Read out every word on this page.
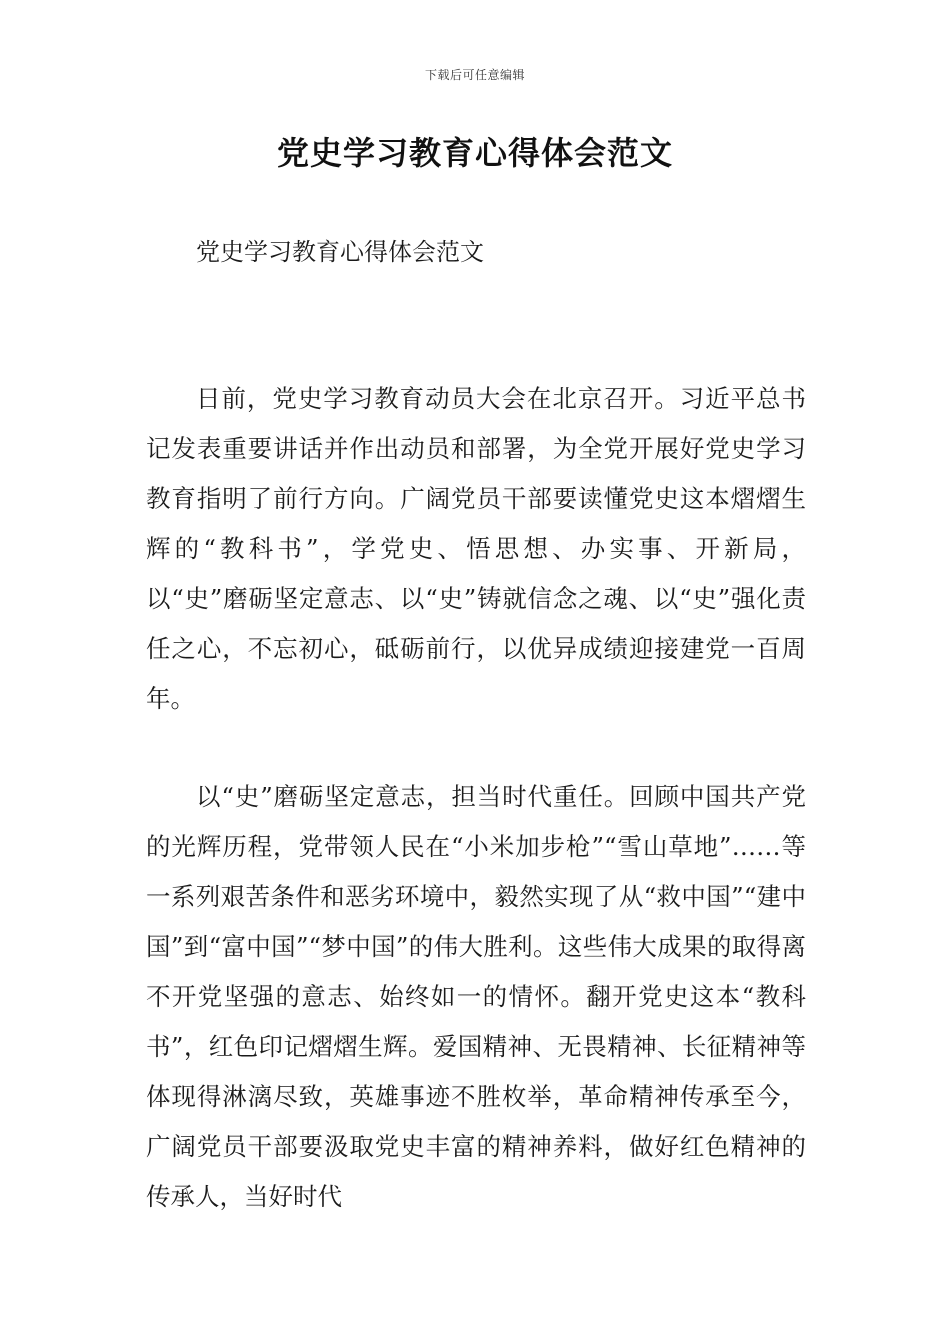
下载后可任意编辑
党史学习教育心得体会范文
党史学习教育心得体会范文

日前，党史学习教育动员大会在北京召开。习近平总书记发表重要讲话并作出动员和部署，为全党开展好党史学习教育指明了前行方向。广阔党员干部要读懂党史这本熠熠生辉的“教科书”，学党史、悟思想、办实事、开新局，以“史”磨砺坚定意志、以“史”铸就信念之魂、以“史”强化责任之心，不忘初心，砥砺前行，以优异成绩迎接建党一百周年。

以“史”磨砺坚定意志，担当时代重任。回顾中国共产党的光辉历程，党带领人民在“小米加步枪”“雪山草地”……等一系列艰苦条件和恶劣环境中，毅然实现了从“救中国”“建中国”到“富中国”“梦中国”的伟大胜利。这些伟大成果的取得离不开党坚强的意志、始终如一的情怀。翻开党史这本“教科书”，红色印记熠熠生辉。爱国精神、无畏精神、长征精神等体现得淋漓尽致，英雄事迹不胜枚举，革命精神传承至今，广阔党员干部要汲取党史丰富的精神养料，做好红色精神的传承人，当好时代
